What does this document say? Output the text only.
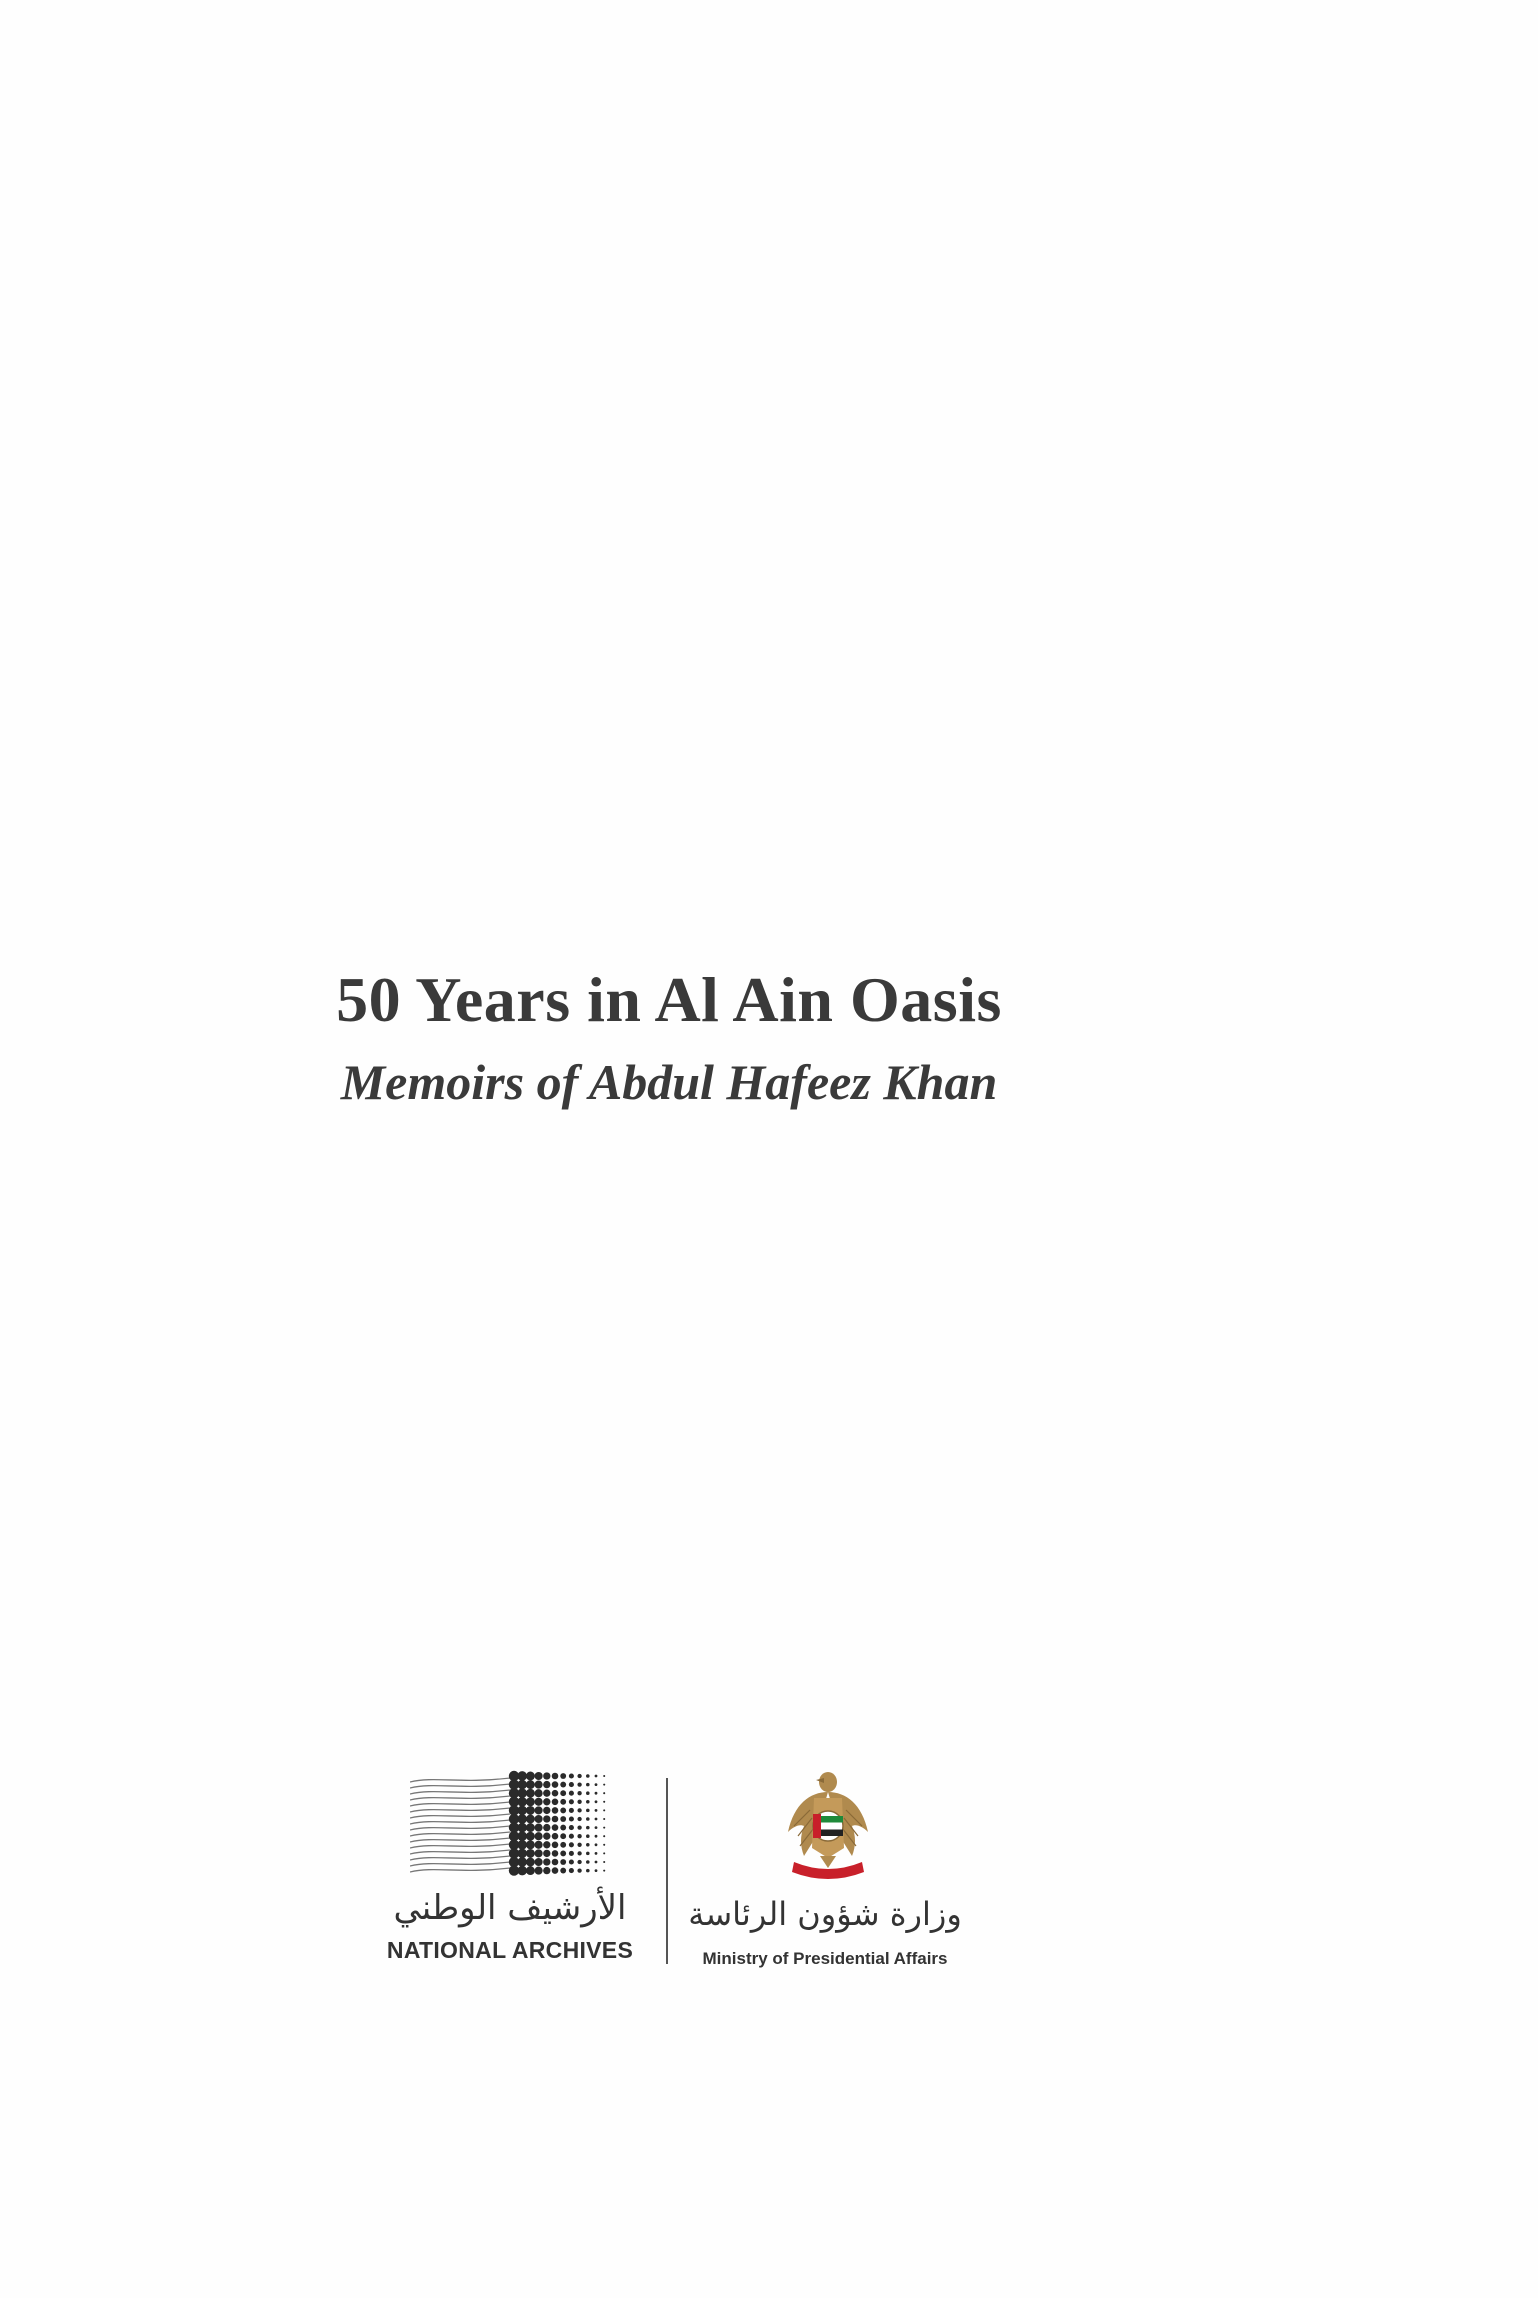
50 Years in Al Ain Oasis
Memoirs of Abdul Hafeez Khan
الأرشيف الوطني
NATIONAL ARCHIVES
وزارة شؤون الرئاسة
Ministry of Presidential Affairs
